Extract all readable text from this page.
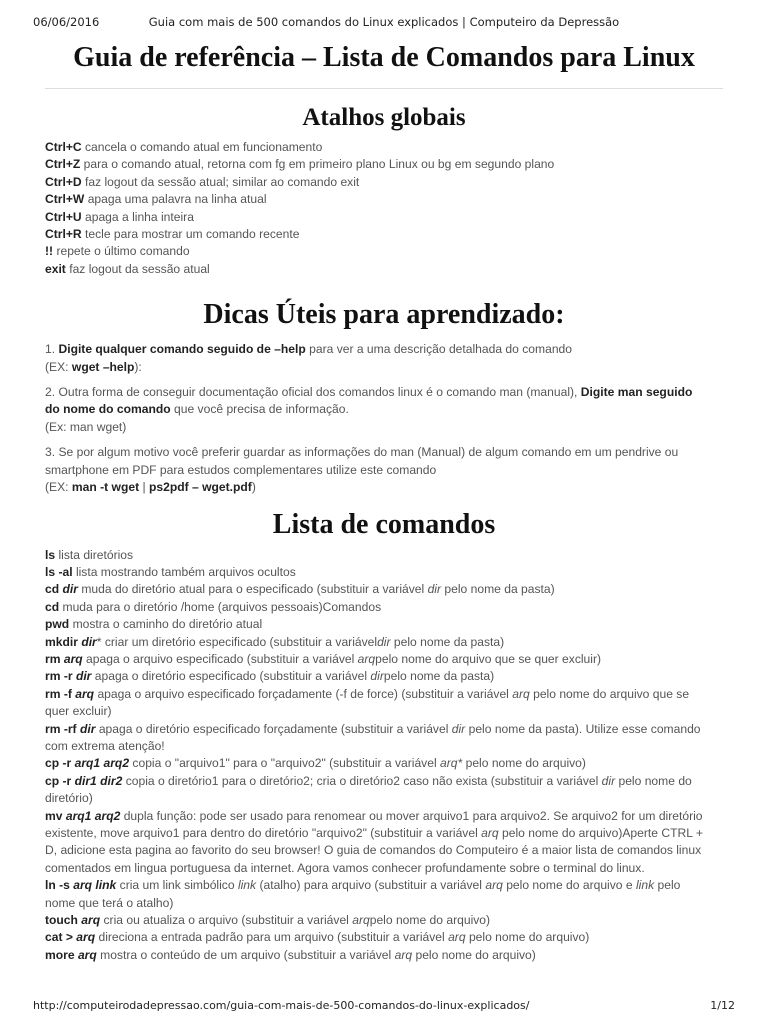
06/06/2016	Guia com mais de 500 comandos do Linux explicados | Computeiro da Depressão
Guia de referência – Lista de Comandos para Linux
Atalhos globais
Ctrl+C cancela o comando atual em funcionamento
Ctrl+Z para o comando atual, retorna com fg em primeiro plano Linux ou bg em segundo plano
Ctrl+D faz logout da sessão atual; similar ao comando exit
Ctrl+W apaga uma palavra na linha atual
Ctrl+U apaga a linha inteira
Ctrl+R tecle para mostrar um comando recente
!! repete o último comando
exit faz logout da sessão atual
Dicas Úteis para aprendizado:
1. Digite qualquer comando seguido de –help para ver a uma descrição detalhada do comando
(EX: wget –help):
2. Outra forma de conseguir documentação oficial dos comandos linux é o comando man (manual), Digite man seguido
do nome do comando que você precisa de informação.
(Ex: man wget)
3. Se por algum motivo você preferir guardar as informações do man (Manual) de algum comando em um pendrive ou
smartphone em PDF para estudos complementares utilize este comando
(EX: man -t wget | ps2pdf – wget.pdf)
Lista de comandos
ls lista diretórios
ls -al lista mostrando também arquivos ocultos
cd dir muda do diretório atual para o especificado (substituir a variável dir pelo nome da pasta)
cd muda para o diretório /home (arquivos pessoais)Comandos
pwd mostra o caminho do diretório atual
mkdir dir* criar um diretório especificado (substituir a variáveldir pelo nome da pasta)
rm arq apaga o arquivo especificado (substituir a variável arqpelo nome do arquivo que se quer excluir)
rm -r dir apaga o diretório especificado (substituir a variável dirpelo nome da pasta)
rm -f arq apaga o arquivo especificado forçadamente (-f de force) (substituir a variável arq pelo nome do arquivo que se
quer excluir)
rm -rf dir apaga o diretório especificado forçadamente (substituir a variável dir pelo nome da pasta). Utilize esse comando
com extrema atenção!
cp -r arq1 arq2 copia o "arquivo1" para o "arquivo2" (substituir a variável arq* pelo nome do arquivo)
cp -r dir1 dir2 copia o diretório1 para o diretório2; cria o diretório2 caso não exista (substituir a variável dir pelo nome do
diretório)
mv arq1 arq2 dupla função: pode ser usado para renomear ou mover arquivo1 para arquivo2. Se arquivo2 for um diretório
existente, move arquivo1 para dentro do diretório "arquivo2" (substituir a variável arq pelo nome do arquivo)Aperte CTRL +
D, adicione esta pagina ao favorito do seu browser! O guia de comandos do Computeiro é a maior lista de comandos linux
comentados em lingua portuguesa da internet. Agora vamos conhecer profundamente sobre o terminal do linux.
ln -s arq link cria um link simbólico link (atalho) para arquivo (substituir a variável arq pelo nome do arquivo e link pelo
nome que terá o atalho)
touch arq cria ou atualiza o arquivo (substituir a variável arqpelo nome do arquivo)
cat > arq direciona a entrada padrão para um arquivo (substituir a variável arq pelo nome do arquivo)
more arq mostra o conteúdo de um arquivo (substituir a variável arq pelo nome do arquivo)
http://computeirodadepressao.com/guia-com-mais-de-500-comandos-do-linux-explicados/	1/12
